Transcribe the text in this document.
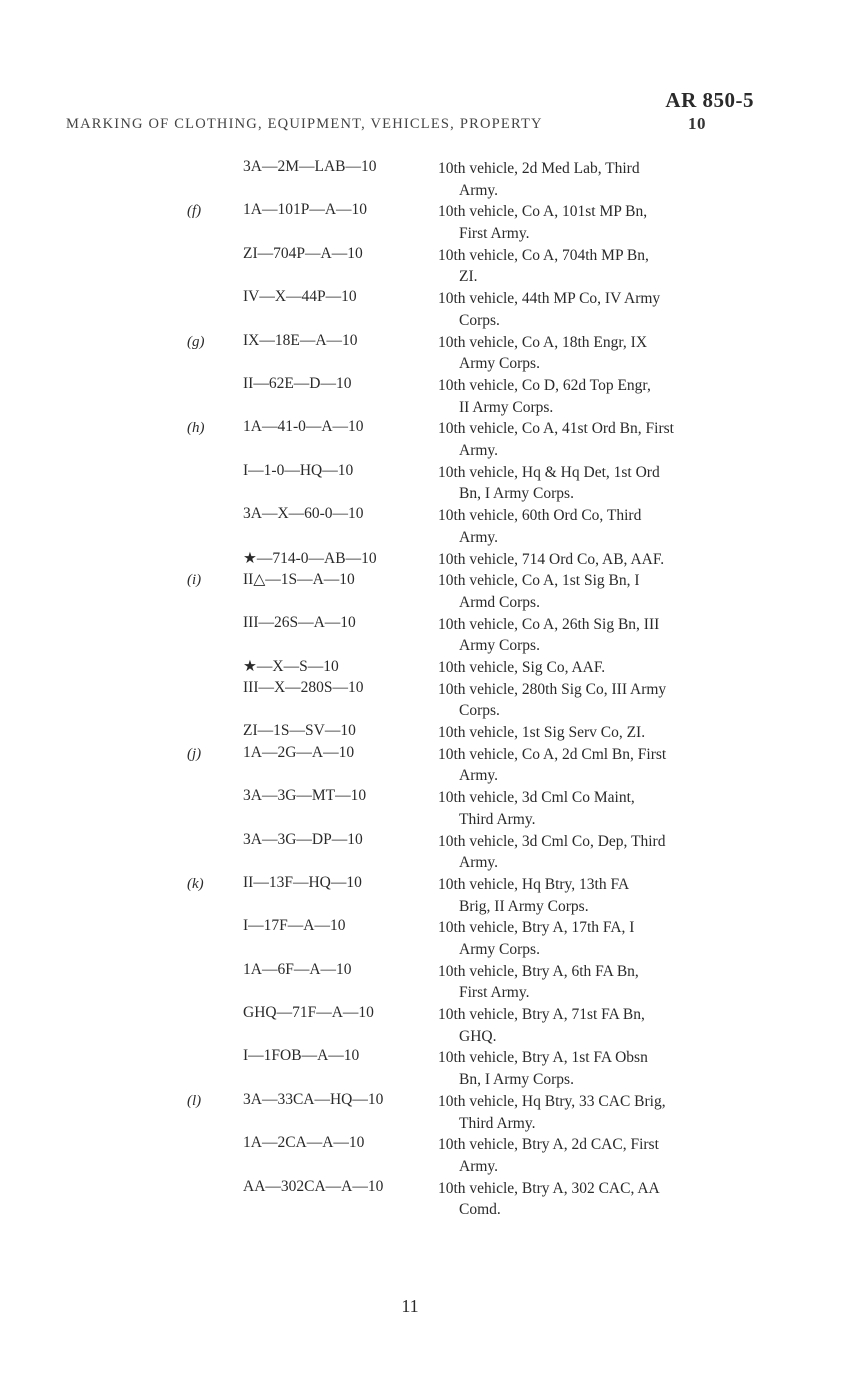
AR 850-5
MARKING OF CLOTHING, EQUIPMENT, VEHICLES, PROPERTY	10
3A—2M—LAB—10	10th vehicle, 2d Med Lab, Third
Army.
(f)	1A—101P—A—10	10th vehicle, Co A, 101st MP Bn,
First Army.
ZI—704P—A—10	10th vehicle, Co A, 704th MP Bn,
ZI.
IV—X—44P—10	10th vehicle, 44th MP Co, IV Army
Corps.
(g) IX—18E—A—10	10th vehicle, Co A, 18th Engr, IX
Army Corps.
II—62E—D—10	10th vehicle, Co D, 62d Top Engr,
II Army Corps.
(h) 1A—41-0—A—10	10th vehicle, Co A, 41st Ord Bn, First
Army.
I—1-0—HQ—10	10th vehicle, Hq & Hq Det, 1st Ord
Bn, I Army Corps.
3A—X—60-0—10	10th vehicle, 60th Ord Co, Third
Army.
★—714-0—AB—10	10th vehicle, 714 Ord Co, AB, AAF.
(i)	II△—1S—A—10	10th vehicle, Co A, 1st Sig Bn, I
Armd Corps.
III—26S—A—10	10th vehicle, Co A, 26th Sig Bn, III
Army Corps.
★—X—S—10	10th vehicle, Sig Co, AAF.
III—X—280S—10	10th vehicle, 280th Sig Co, III Army
Corps.
ZI—1S—SV—10	10th vehicle, 1st Sig Serv Co, ZI.
(j)	1A—2G—A—10	10th vehicle, Co A, 2d Cml Bn, First
Army.
3A—3G—MT—10	10th vehicle, 3d Cml Co Maint,
Third Army.
3A—3G—DP—10	10th vehicle, 3d Cml Co, Dep, Third
Army.
(k)	II—13F—HQ—10	10th vehicle, Hq Btry, 13th FA
Brig, II Army Corps.
I—17F—A—10	10th vehicle, Btry A, 17th FA, I
Army Corps.
1A—6F—A—10	10th vehicle, Btry A, 6th FA Bn,
First Army.
GHQ—71F—A—10	10th vehicle, Btry A, 71st FA Bn,
GHQ.
I—1FOB—A—10	10th vehicle, Btry A, 1st FA Obsn
Bn, I Army Corps.
(l)	3A—33CA—HQ—10	10th vehicle, Hq Btry, 33 CAC Brig,
Third Army.
1A—2CA—A—10	10th vehicle, Btry A, 2d CAC, First
Army.
AA—302CA—A—10	10th vehicle, Btry A, 302 CAC, AA
Comd.
11
